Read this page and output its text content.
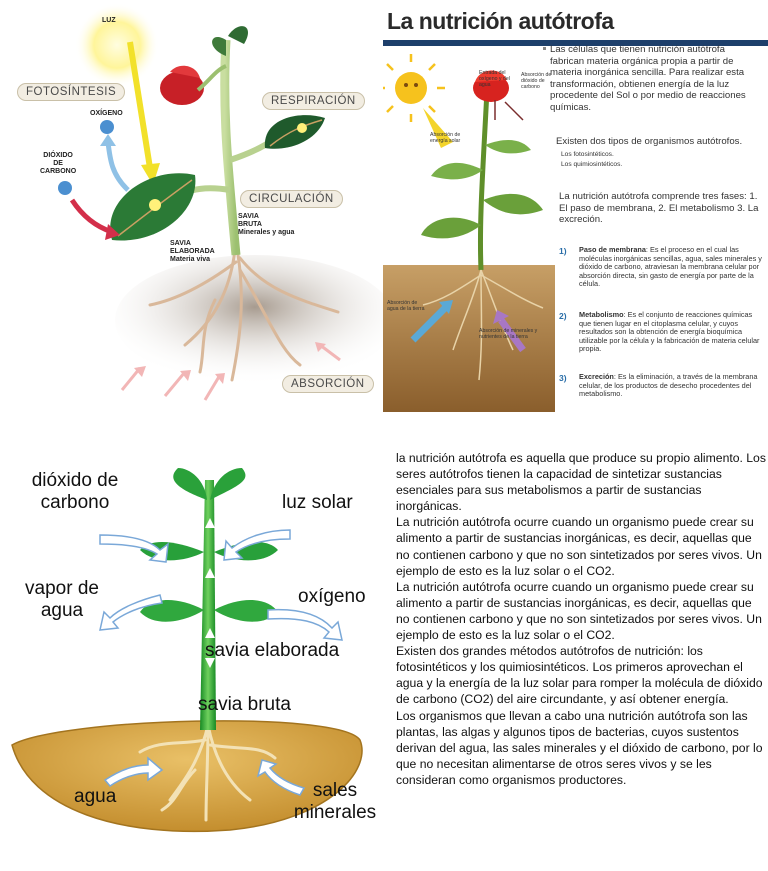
LUZ
FOTOSÍNTESIS
RESPIRACIÓN
CIRCULACIÓN
ABSORCIÓN
OXÍGENO
DIÓXIDO
DE
CARBONO
SAVIA
BRUTA
Minerales y agua
SAVIA
ELABORADA
Materia viva
La nutrición autótrofa
Entrada del oxígeno y del agua
Absorción de dióxido de carbono
Absorción de energía solar
Absorción de agua de la tierra
Absorción de minerales y nutrientes de la tierra
Las células que tienen nutrición autótrofa fabrican materia orgánica propia a partir de materia inorgánica sencilla. Para realizar esta transformación, obtienen energía de la luz procedente del Sol o por medio de reacciones químicas.
Existen dos tipos de organismos autótrofos.
Los fotosintéticos.
Los quimiosintéticos.
La nutrición autótrofa comprende tres fases: 1. El paso de membrana, 2. El metabolismo 3. La excreción.
1) Paso de membrana: Es el proceso en el cual las moléculas inorgánicas sencillas, agua, sales minerales y dióxido de carbono, atraviesan la membrana celular por absorción directa, sin gasto de energía por parte de la célula.
2) Metabolismo: Es el conjunto de reacciones químicas que tienen lugar en el citoplasma celular, y cuyos resultados son la obtención de energía bioquímica utilizable por la célula y la fabricación de materia celular propia.
3) Excreción: Es la eliminación, a través de la membrana celular, de los productos de desecho procedentes del metabolismo.
dióxido de
carbono	luz solar
vapor de
agua
oxígeno
savia elaborada
savia bruta
agua	sales
minerales

la nutrición autótrofa es aquella que produce su propio alimento. Los seres autótrofos tienen la capacidad de sintetizar sustancias esenciales para sus metabolismos a partir de sustancias inorgánicas.

La nutrición autótrofa ocurre cuando un organismo puede crear su alimento a partir de sustancias inorgánicas, es decir, aquellas que no contienen carbono y que no son sintetizados por seres vivos. Un ejemplo de esto es la luz solar o el CO2.

La nutrición autótrofa ocurre cuando un organismo puede crear su alimento a partir de sustancias inorgánicas, es decir, aquellas que no contienen carbono y que no son sintetizados por seres vivos. Un ejemplo de esto es la luz solar o el CO2.

Existen dos grandes métodos autótrofos de nutrición: los fotosintéticos y los quimiosintéticos. Los primeros aprovechan el agua y la energía de la luz solar para romper la molécula de dióxido de carbono (CO2) del aire circundante, y así obtener energía.

Los organismos que llevan a cabo una nutrición autótrofa son las plantas, las algas y algunos tipos de bacterias, cuyos sustentos derivan del agua, las sales minerales y el dióxido de carbono, por lo que no necesitan alimentarse de otros seres vivos y se les consideran como organismos productores.
